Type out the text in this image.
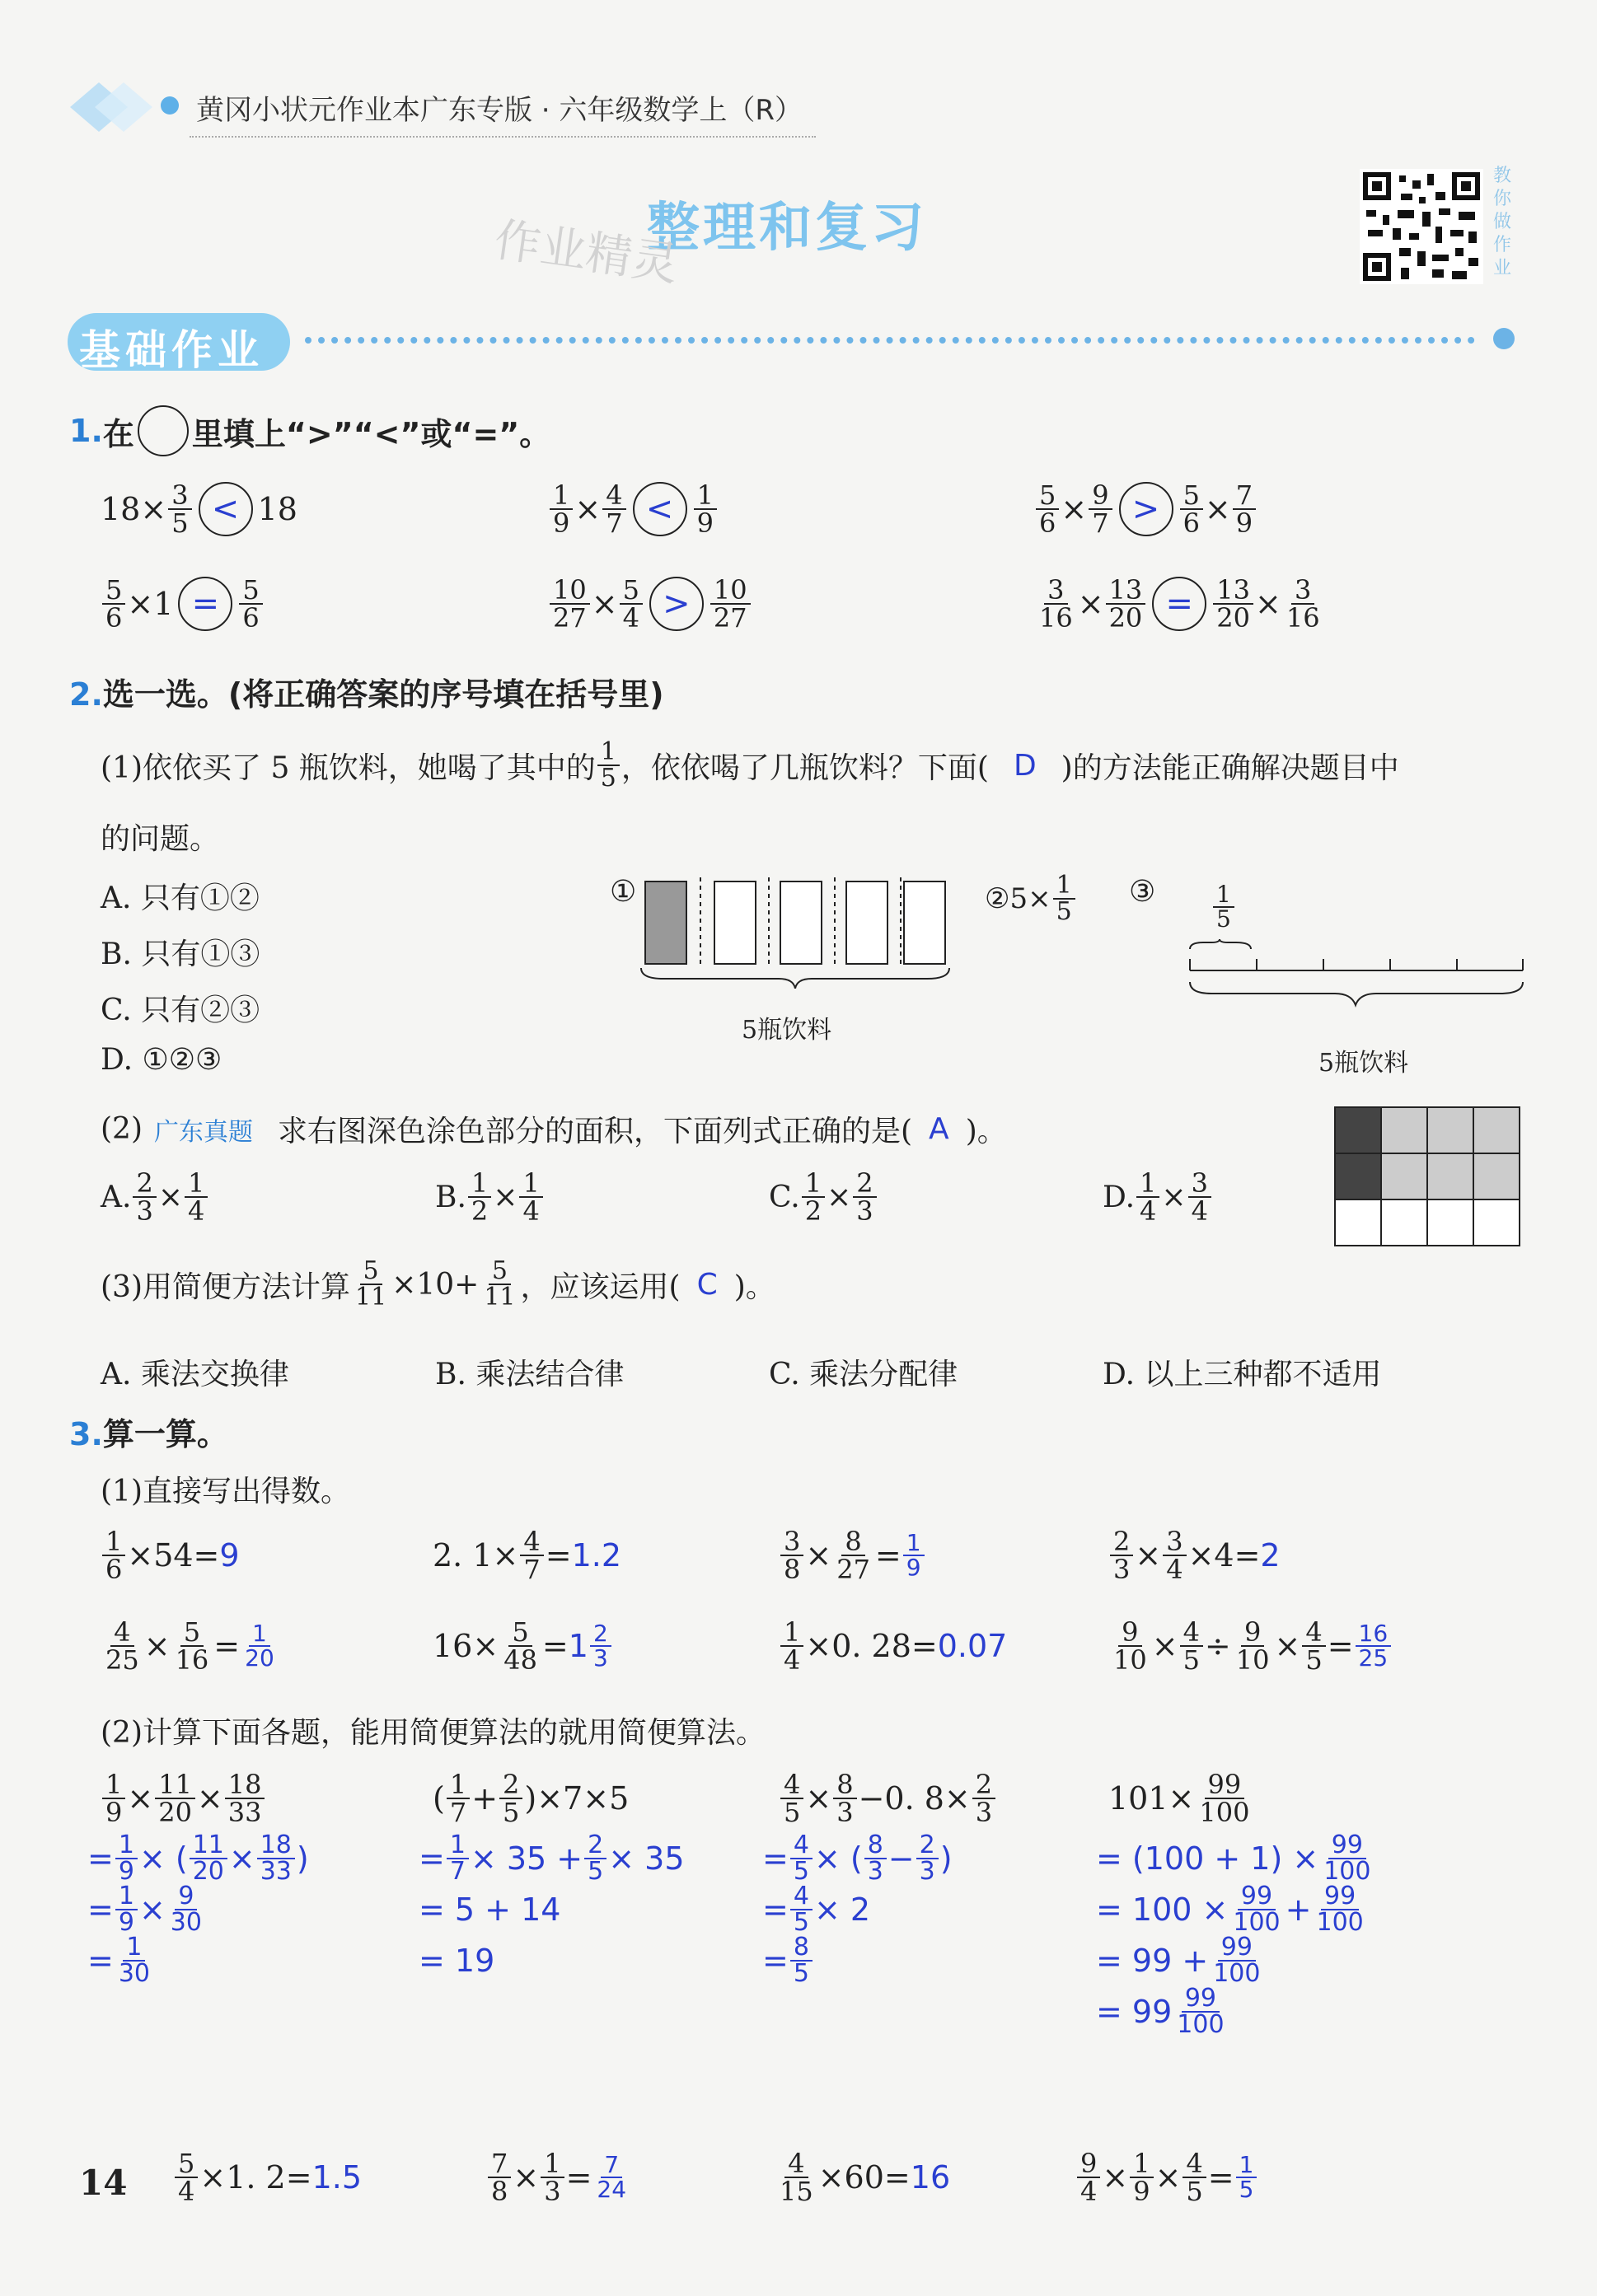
黄冈小状元作业本广东专版 · 六年级数学上（R）
整理和复习
作业精灵
教你做作业
基础作业
1. 在 里填上“>”“<”或“=”。
$18\times \frac{3}{5} < 18$	$\frac{1}{9} \times \frac{4}{7} < \frac{1}{9}$	$\frac{5}{6} \times \frac{9}{7} > \frac{5}{6} \times \frac{7}{9}$
$\frac{5}{6} \times 1 = \frac{5}{6}$	$\frac{10}{27} \times \frac{5}{4} > \frac{10}{27}$	$\frac{3}{16} \times \frac{13}{20} = \frac{13}{20} \times \frac{3}{16}$
2.选一选。(将正确答案的序号填在括号里)
(1)依依买了 5 瓶饮料，她喝了其中的 $\frac{1}{5}$ ，依依喝了几瓶饮料？下面( D )的方法能正确解决题目中
的问题。
A. 只有①②
B. 只有①③
C. 只有②③
D. ①②③
①
5瓶饮料
②5× $\frac{1}{5}$ ③ $\frac{1}{5}$
5瓶饮料
(2) 广东真题 求右图深色涂色部分的面积，下面列式正确的是( A )。
A. $\frac{2}{3} \times \frac{1}{4}$	B. $\frac{1}{2} \times \frac{1}{4}$	C. $\frac{1}{2} \times \frac{2}{3}$	D. $\frac{1}{4} \times \frac{3}{4}$
(3)用简便方法计算 $\frac{5}{11} \times 10+ \frac{5}{11}$ ，应该运用( C )。
A. 乘法交换律	B. 乘法结合律	C. 乘法分配律	D. 以上三种都不适用
3.算一算。
(1)直接写出得数。
$\frac{1}{6} \times 54= 9$	2. $1\times \frac{4}{7} = 1.2$	$\frac{3}{8} \times \frac{8}{27} = \frac{1}{9}$	$\frac{2}{3} \times \frac{3}{4} \times 4= 2$
$\frac{4}{25} \times \frac{5}{16} = \frac{1}{20}$	$16\times \frac{5}{48} = 1 \frac{2}{3}$	$\frac{1}{4} \times 0$. 28= 0.07	$\frac{9}{10} \times \frac{4}{5} \div \frac{9}{10} \times \frac{4}{5} = \frac{16}{25}$
(2)计算下面各题，能用简便算法的就用简便算法。
$\frac{1}{9} \times \frac{11}{20} \times \frac{18}{33}$
= $\frac{1}{9}$ × ( $\frac{11}{20} \times \frac{18}{33}$ )
= $\frac{1}{9} \times \frac{9}{30}$
= $\frac{1}{30}$
( $\frac{1}{7} + \frac{2}{5} )\times 7\times 5$
= $\frac{1}{7} \times 35 + \frac{2}{5} \times 35$
= 5 + 14
= 19
$\frac{4}{5} \times \frac{8}{3} -0$. $8\times \frac{2}{3}$
= $\frac{4}{5}$ × ( $\frac{8}{3} - \frac{2}{3}$ )
= $\frac{4}{5} \times 2$
= $\frac{8}{5}$
$101\times \frac{99}{100}$
= $(100 + 1) \times \frac{99}{100}$
= $100 \times \frac{99}{100} + \frac{99}{100}$
= $99 + \frac{99}{100}$
= $99 \frac{99}{100}$
$14 \frac{5}{4} \times 1$. 2= 1.5	$\frac{7}{8} \times \frac{1}{3} = \frac{7}{24}$	$\frac{4}{15} \times 60= 16$	$\frac{9}{4} \times \frac{1}{9} \times \frac{4}{5} = \frac{1}{5}$
